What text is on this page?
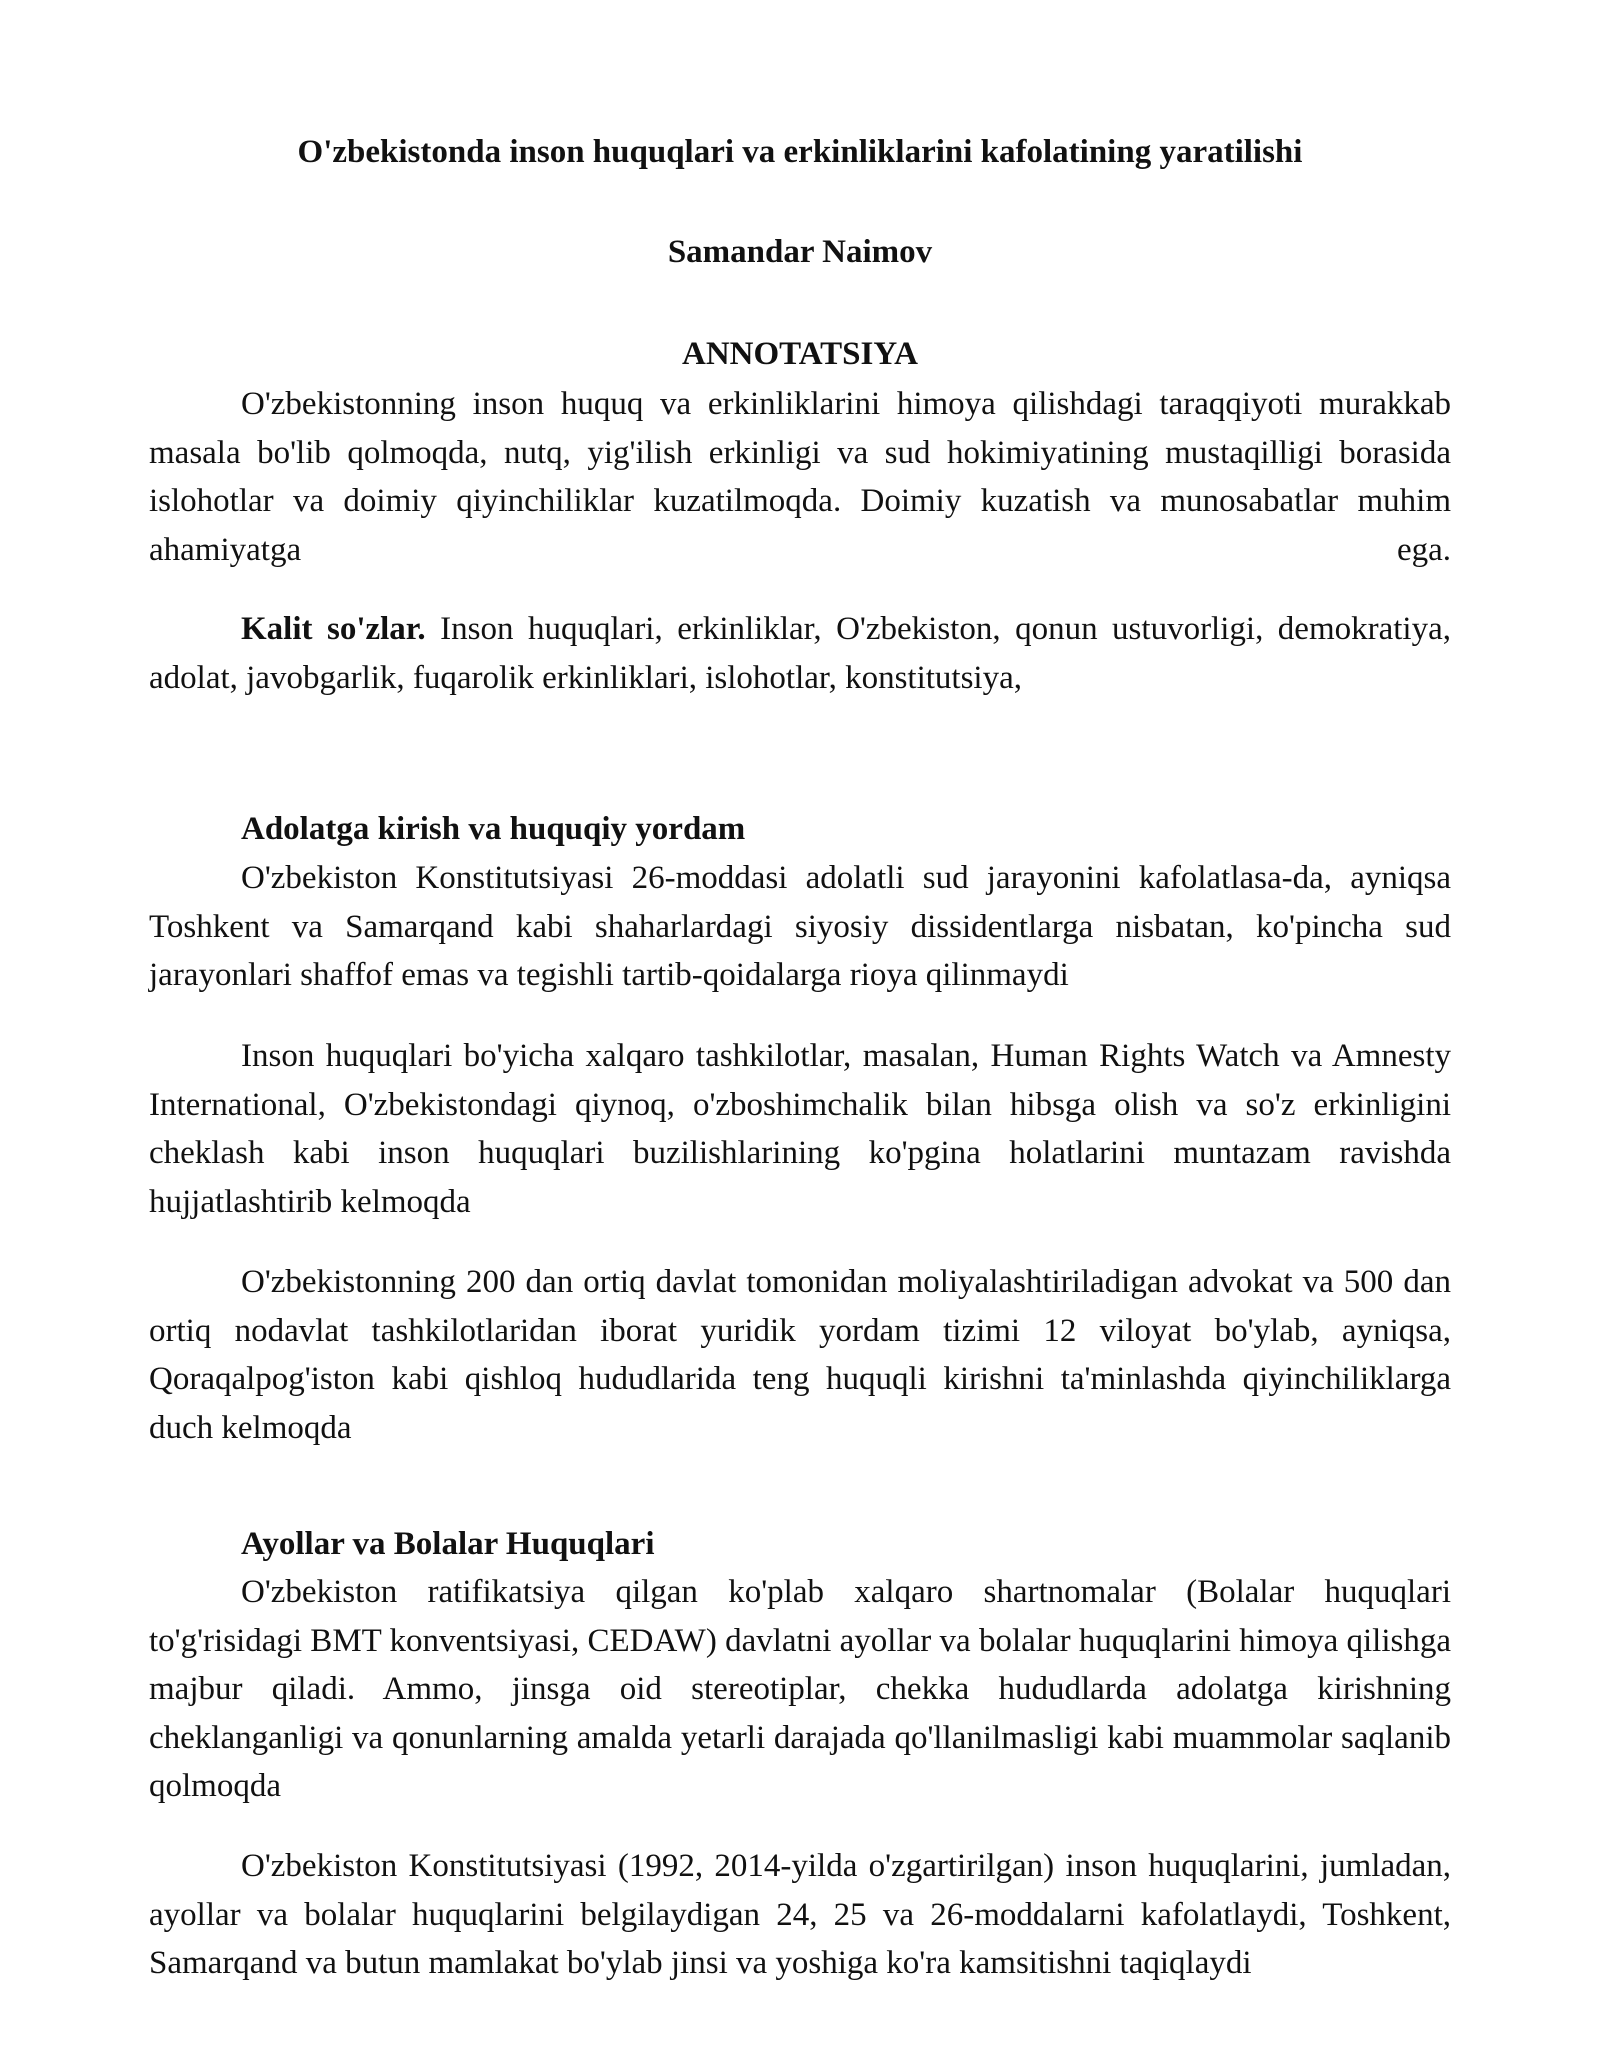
O'zbekistonda inson huquqlari va erkinliklarini kafolatining yaratilishi
Samandar Naimov
ANNOTATSIYA

O'zbekistonning inson huquq va erkinliklarini himoya qilishdagi taraqqiyoti murakkab masala bo'lib qolmoqda, nutq, yig'ilish erkinligi va sud hokimiyatining mustaqilligi borasida islohotlar va doimiy qiyinchiliklar kuzatilmoqda. Doimiy kuzatish va munosabatlar muhim ahamiyatga ega.

Kalit so'zlar. Inson huquqlari, erkinliklar, O'zbekiston, qonun ustuvorligi, demokratiya, adolat, javobgarlik, fuqarolik erkinliklari, islohotlar, konstitutsiya,

Adolatga kirish va huquqiy yordam

O'zbekiston Konstitutsiyasi 26-moddasi adolatli sud jarayonini kafolatlasa-da, ayniqsa Toshkent va Samarqand kabi shaharlardagi siyosiy dissidentlarga nisbatan, ko'pincha sud jarayonlari shaffof emas va tegishli tartib-qoidalarga rioya qilinmaydi

Inson huquqlari bo'yicha xalqaro tashkilotlar, masalan, Human Rights Watch va Amnesty International, O'zbekistondagi qiynoq, o'zboshimchalik bilan hibsga olish va so'z erkinligini cheklash kabi inson huquqlari buzilishlarining ko'pgina holatlarini muntazam ravishda hujjatlashtirib kelmoqda

O'zbekistonning 200 dan ortiq davlat tomonidan moliyalashtiriladigan advokat va 500 dan ortiq nodavlat tashkilotlaridan iborat yuridik yordam tizimi 12 viloyat bo'ylab, ayniqsa, Qoraqalpog'iston kabi qishloq hududlarida teng huquqli kirishni ta'minlashda qiyinchiliklarga duch kelmoqda

Ayollar va Bolalar Huquqlari

O'zbekiston ratifikatsiya qilgan ko'plab xalqaro shartnomalar (Bolalar huquqlari to'g'risidagi BMT konventsiyasi, CEDAW) davlatni ayollar va bolalar huquqlarini himoya qilishga majbur qiladi. Ammo, jinsga oid stereotiplar, chekka hududlarda adolatga kirishning cheklanganligi va qonunlarning amalda yetarli darajada qo'llanilmasligi kabi muammolar saqlanib qolmoqda

O'zbekiston Konstitutsiyasi (1992, 2014-yilda o'zgartirilgan) inson huquqlarini, jumladan, ayollar va bolalar huquqlarini belgilaydigan 24, 25 va 26-moddalarni kafolatlaydi, Toshkent, Samarqand va butun mamlakat bo'ylab jinsi va yoshiga ko'ra kamsitishni taqiqlaydi
